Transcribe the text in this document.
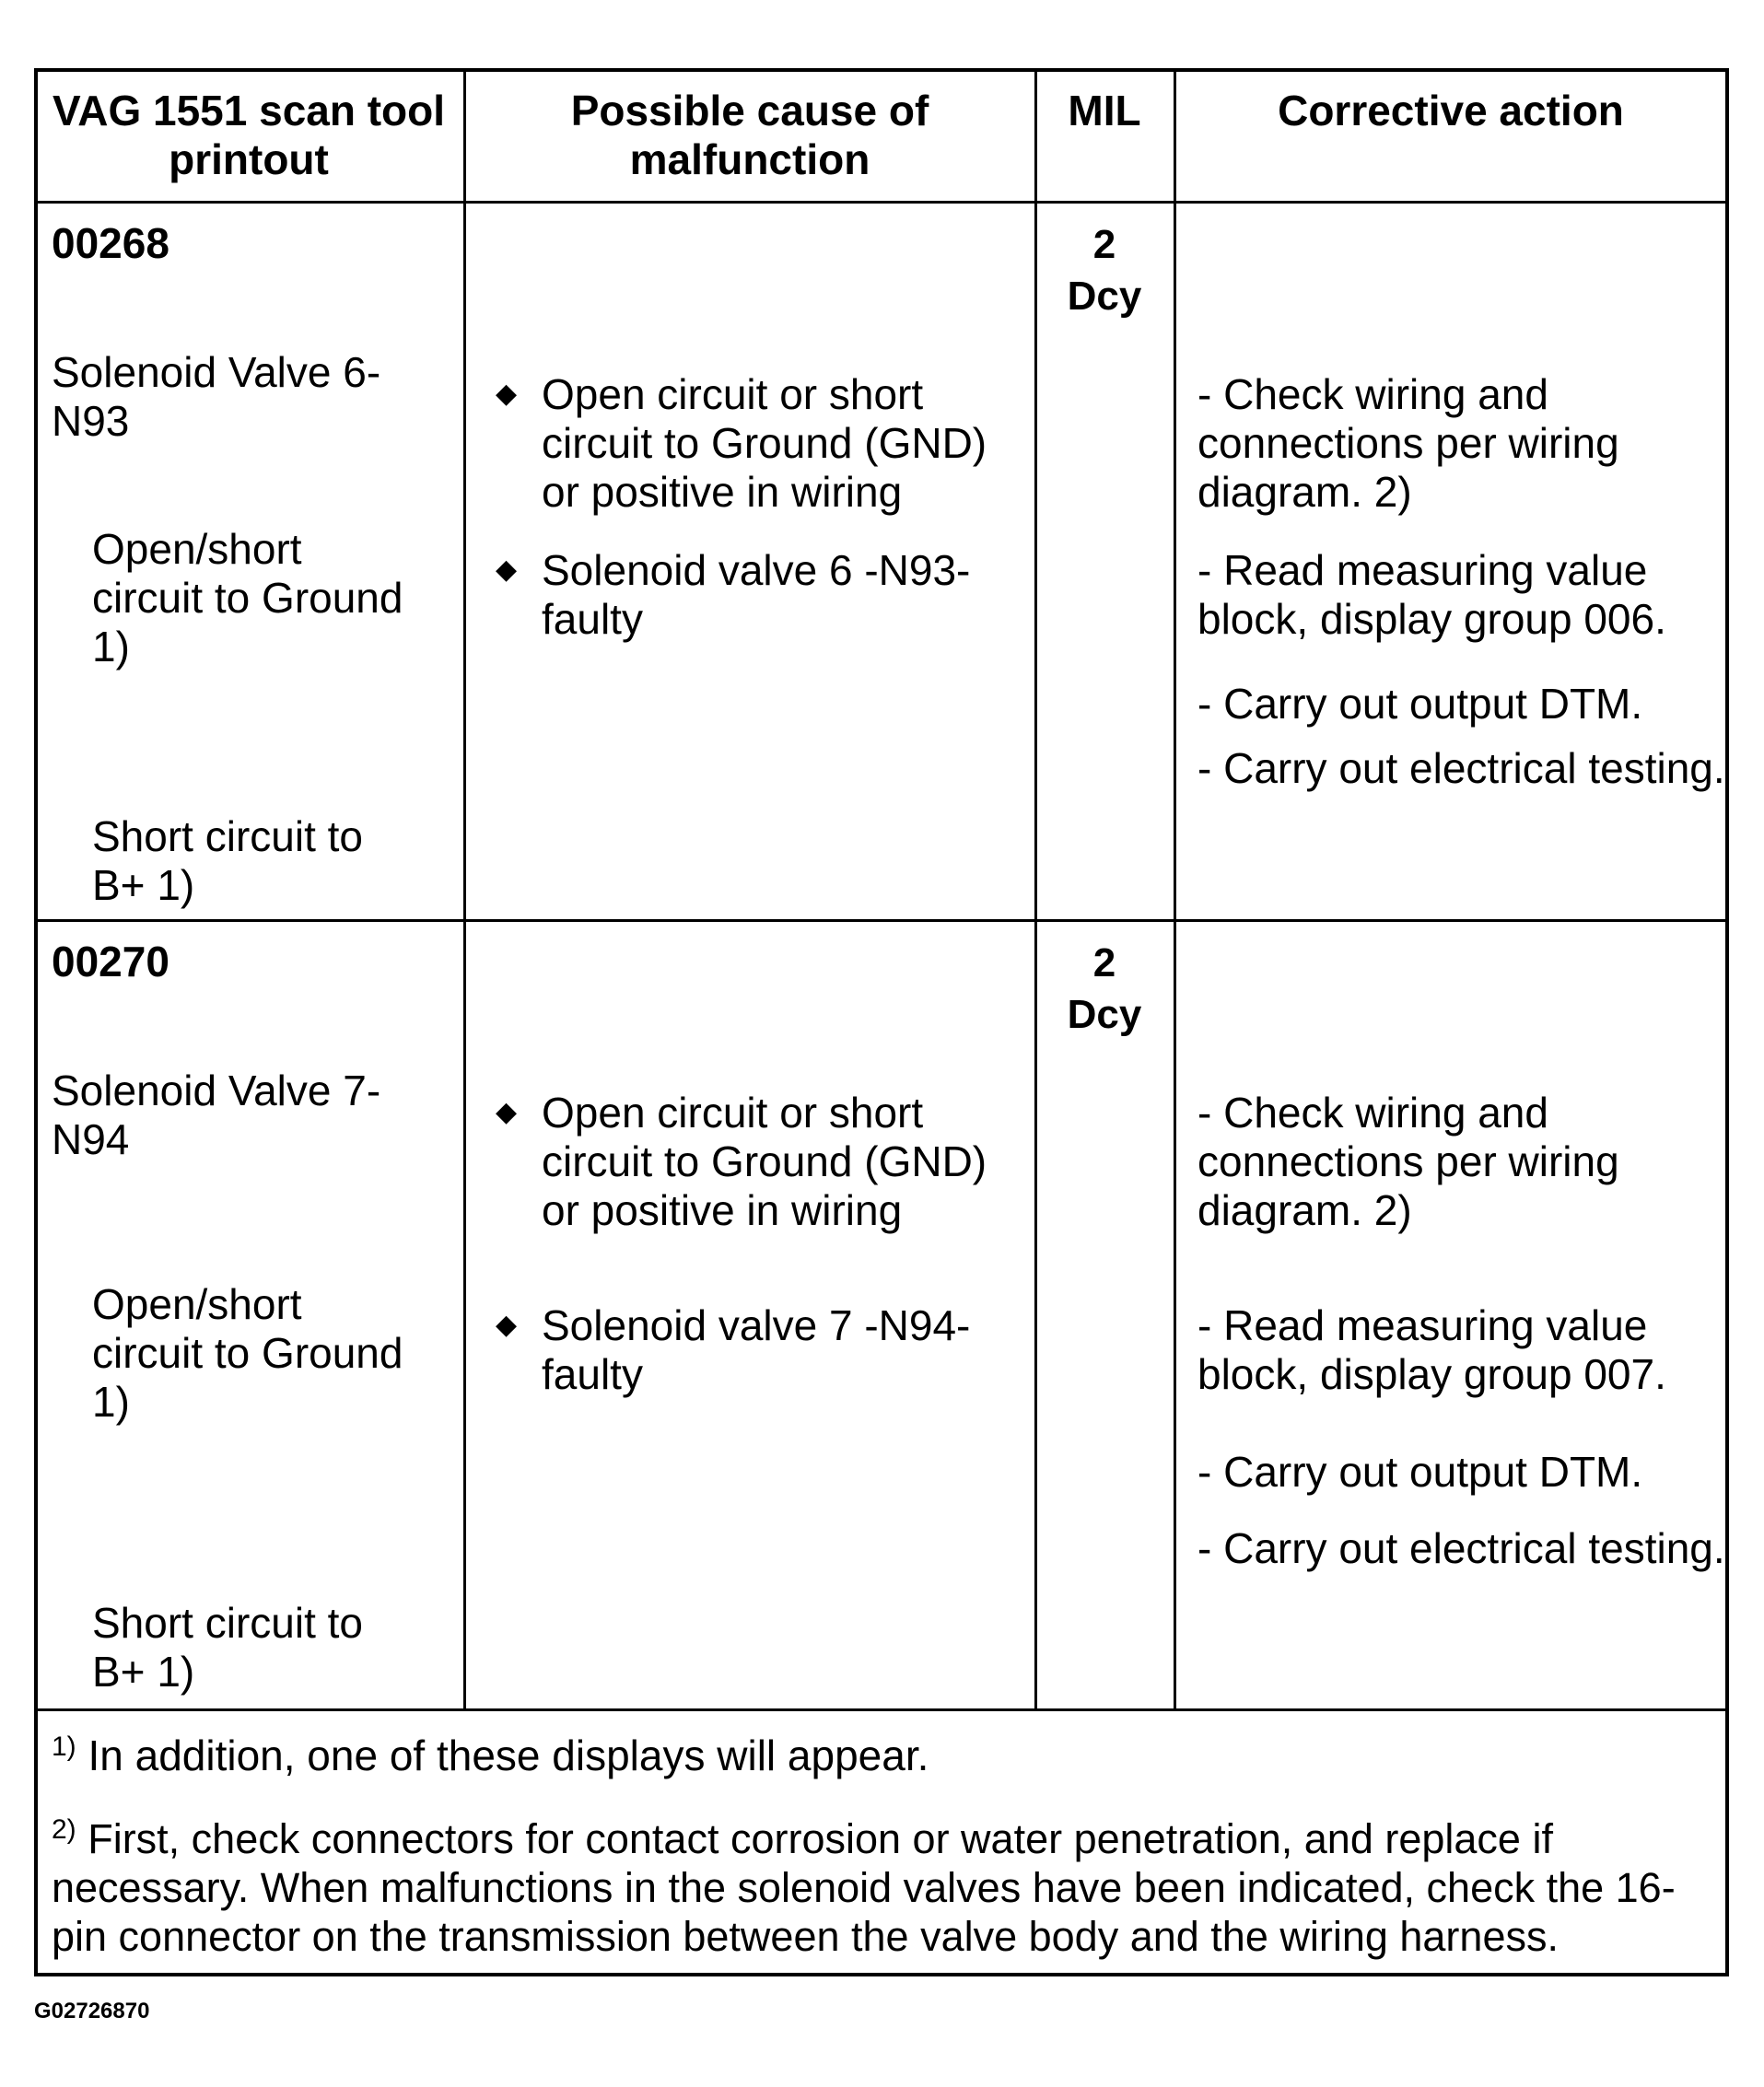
VAG 1551 scan tool
printout
Possible cause of
malfunction
MIL	Corrective action
00268
Solenoid Valve 6-
N93
Open/short
circuit to Ground
1)
Short circuit to
B+ 1)
◆ Open circuit or short
circuit to Ground (GND)
or positive in wiring
◆ Solenoid valve 6 -N93-
faulty
2
Dcy
- Check wiring and
connections per wiring
diagram. 2)
- Read measuring value
block, display group 006.
- Carry out output DTM.
- Carry out electrical testing.
00270
Solenoid Valve 7-
N94
Open/short
circuit to Ground
1)
Short circuit to
B+ 1)
◆ Open circuit or short
circuit to Ground (GND)
or positive in wiring
◆ Solenoid valve 7 -N94-
faulty
2
Dcy
- Check wiring and
connections per wiring
diagram. 2)
- Read measuring value
block, display group 007.
- Carry out output DTM.
- Carry out electrical testing.
$^{1)}$ In addition, one of these displays will appear.
$^{2)}$ First, check connectors for contact corrosion or water penetration, and replace if
necessary. When malfunctions in the solenoid valves have been indicated, check the 16-
pin connector on the transmission between the valve body and the wiring harness.
G02726870
